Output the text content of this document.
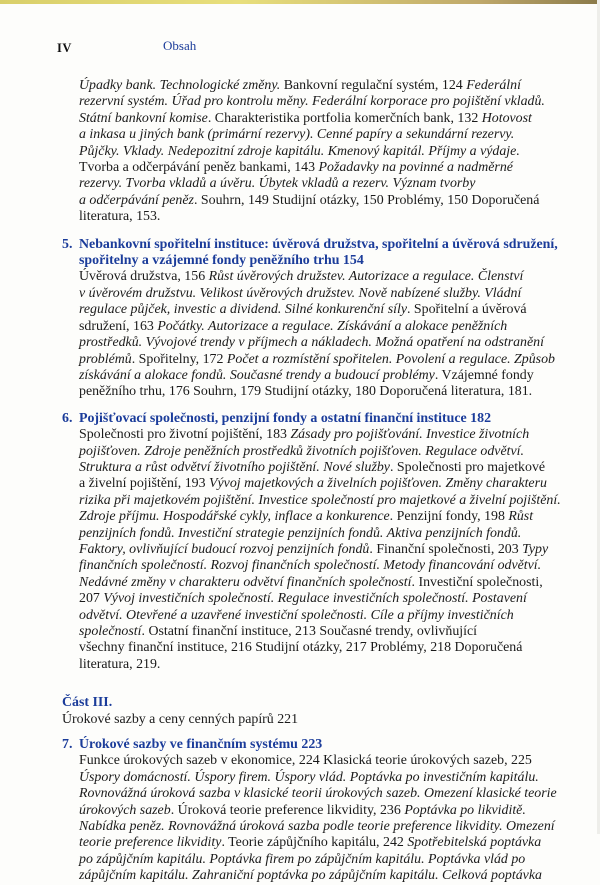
IV	Obsah
Úpadky bank. Technologické změny. Bankovní regulační systém, 124 Federální
rezervní systém. Úřad pro kontrolu měny. Federální korporace pro pojištění vkladů.
Státní bankovní komise. Charakteristika portfolia komerčních bank, 132 Hotovost
a inkasa u jiných bank (primární rezervy). Cenné papíry a sekundární rezervy.
Půjčky. Vklady. Nedepozitní zdroje kapitálu. Kmenový kapitál. Příjmy a výdaje.
Tvorba a odčerpávání peněz bankami, 143 Požadavky na povinné a nadměrné
rezervy. Tvorba vkladů a úvěru. Úbytek vkladů a rezerv. Význam tvorby
a odčerpávání peněz. Souhrn, 149 Studijní otázky, 150 Problémy, 150 Doporučená
literatura, 153.

5. Nebankovní spořitelní instituce: úvěrová družstva, spořitelní a úvěrová sdružení,
spořitelny a vzájemné fondy peněžního trhu 154

Úvěrová družstva, 156 Růst úvěrových družstev. Autorizace a regulace. Členství
v úvěrovém družstvu. Velikost úvěrových družstev. Nově nabízené služby. Vládní
regulace půjček, investic a dividend. Silné konkurenční síly. Spořitelní a úvěrová
sdružení, 163 Počátky. Autorizace a regulace. Získávání a alokace peněžních
prostředků. Vývojové trendy v příjmech a nákladech. Možná opatření na odstranění
problémů. Spořitelny, 172 Počet a rozmístění spořitelen. Povolení a regulace. Způsob
získávání a alokace fondů. Současné trendy a budoucí problémy. Vzájemné fondy
peněžního trhu, 176 Souhrn, 179 Studijní otázky, 180 Doporučená literatura, 181.

6. Pojišťovací společnosti, penzijní fondy a ostatní finanční instituce 182

Společnosti pro životní pojištění, 183 Zásady pro pojišťování. Investice životních
pojišťoven. Zdroje peněžních prostředků životních pojišťoven. Regulace odvětví.
Struktura a růst odvětví životního pojištění. Nové služby. Společnosti pro majetkové
a živelní pojištění, 193 Vývoj majetkových a živelních pojišťoven. Změny charakteru
rizika při majetkovém pojištění. Investice společností pro majetkové a živelní pojištění.
Zdroje příjmu. Hospodářské cykly, inflace a konkurence. Penzijní fondy, 198 Růst
penzijních fondů. Investiční strategie penzijních fondů. Aktiva penzijních fondů.
Faktory, ovlivňující budoucí rozvoj penzijních fondů. Finanční společnosti, 203 Typy
finančních společností. Rozvoj finančních společností. Metody financování odvětví.
Nedávné změny v charakteru odvětví finančních společností. Investiční společnosti,
207 Vývoj investičních společností. Regulace investičních společností. Postavení
odvětví. Otevřené a uzavřené investiční společnosti. Cíle a příjmy investičních
společností. Ostatní finanční instituce, 213 Současné trendy, ovlivňující
všechny finanční instituce, 216 Studijní otázky, 217 Problémy, 218 Doporučená
literatura, 219.

Část III.

Úrokové sazby a ceny cenných papírů 221

7. Úrokové sazby ve finančním systému 223

Funkce úrokových sazeb v ekonomice, 224 Klasická teorie úrokových sazeb, 225
Úspory domácností. Úspory firem. Úspory vlád. Poptávka po investičním kapitálu.
Rovnovážná úroková sazba v klasické teorii úrokových sazeb. Omezení klasické teorie
úrokových sazeb. Úroková teorie preference likvidity, 236 Poptávka po likviditě.
Nabídka peněz. Rovnovážná úroková sazba podle teorie preference likvidity. Omezení
teorie preference likvidity. Teorie zápůjčního kapitálu, 242 Spotřebitelská poptávka
po zápůjčním kapitálu. Poptávka firem po zápůjčním kapitálu. Poptávka vlád po
zápůjčním kapitálu. Zahraniční poptávka po zápůjčním kapitálu. Celková poptávka
